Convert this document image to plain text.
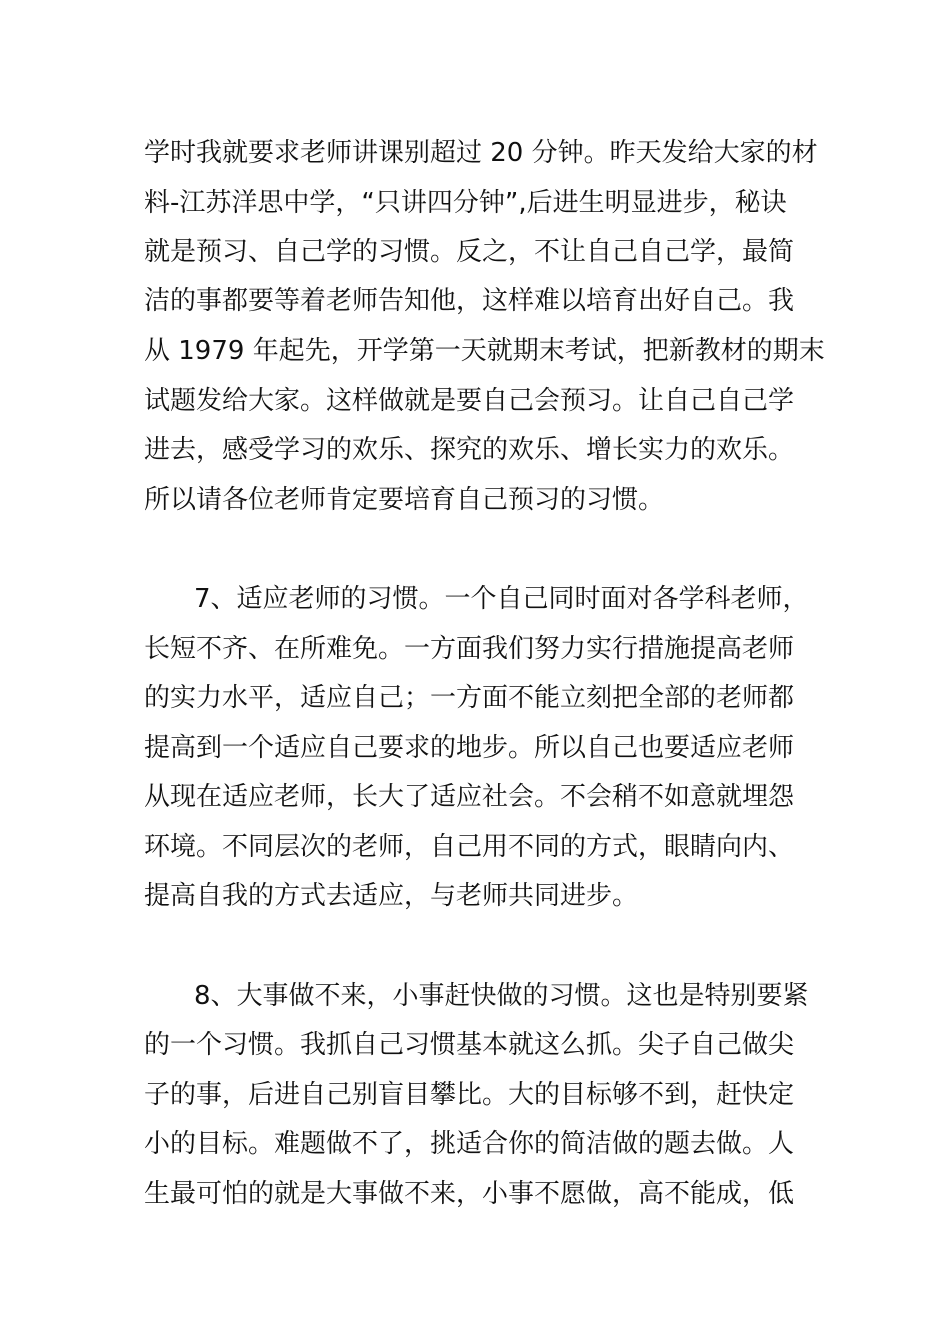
学时我就要求老师讲课别超过 20 分钟。昨天发给大家的材
料-江苏洋思中学，“只讲四分钟”,后进生明显进步，秘诀
就是预习、自己学的习惯。反之，不让自己自己学，最简
洁的事都要等着老师告知他，这样难以培育出好自己。我
从 1979 年起先，开学第一天就期末考试，把新教材的期末
试题发给大家。这样做就是要自己会预习。让自己自己学
进去，感受学习的欢乐、探究的欢乐、增长实力的欢乐。
所以请各位老师肯定要培育自己预习的习惯。
7、适应老师的习惯。一个自己同时面对各学科老师，
长短不齐、在所难免。一方面我们努力实行措施提高老师
的实力水平，适应自己；一方面不能立刻把全部的老师都
提高到一个适应自己要求的地步。所以自己也要适应老师
从现在适应老师，长大了适应社会。不会稍不如意就埋怨
环境。不同层次的老师，自己用不同的方式，眼睛向内、
提高自我的方式去适应，与老师共同进步。
8、大事做不来，小事赶快做的习惯。这也是特别要紧
的一个习惯。我抓自己习惯基本就这么抓。尖子自己做尖
子的事，后进自己别盲目攀比。大的目标够不到，赶快定
小的目标。难题做不了，挑适合你的简洁做的题去做。人
生最可怕的就是大事做不来，小事不愿做，高不能成，低
